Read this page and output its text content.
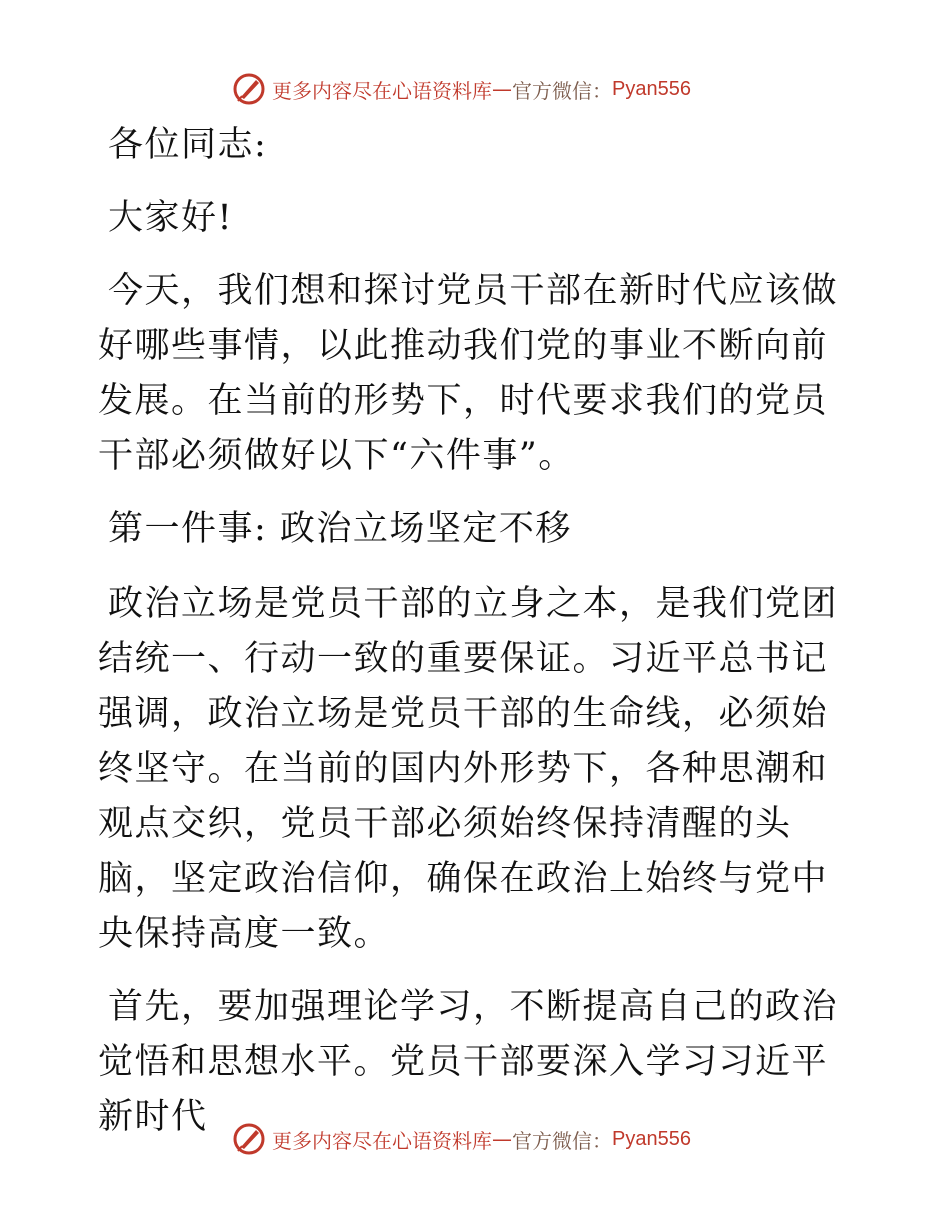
更多内容尽在心语资料库 — 官方微信： Pyan556

各位同志:

大家好!

今天，我们想和探讨党员干部在新时代应该做好哪些事情，以此推动我们党的事业不断向前发展。在当前的形势下，时代要求我们的党员干部必须做好以下“六件事”。

第一件事: 政治立场坚定不移

政治立场是党员干部的立身之本，是我们党团结统一、行动一致的重要保证。习近平总书记强调，政治立场是党员干部的生命线，必须始终坚守。在当前的国内外形势下，各种思潮和观点交织，党员干部必须始终保持清醒的头脑，坚定政治信仰，确保在政治上始终与党中央保持高度一致。

首先，要加强理论学习，不断提高自己的政治觉悟和思想水平。党员干部要深入学习习近平新时代

更多内容尽在心语资料库 — 官方微信： Pyan556
